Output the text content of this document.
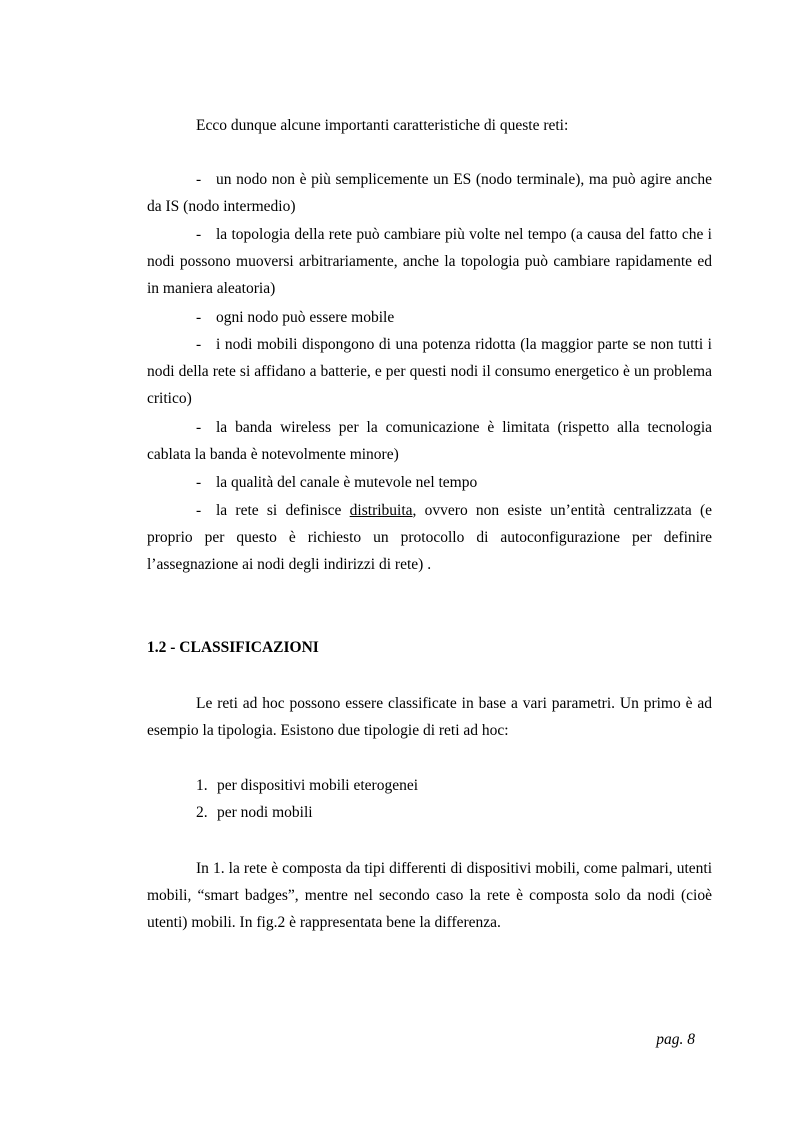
Ecco dunque alcune importanti caratteristiche di queste reti:

- un nodo non è più semplicemente un ES (nodo terminale), ma può agire anche da IS (nodo intermedio)

- la topologia della rete può cambiare più volte nel tempo (a causa del fatto che i nodi possono muoversi arbitrariamente, anche la topologia può cambiare rapidamente ed in maniera aleatoria)

- ogni nodo può essere mobile

- i nodi mobili dispongono di una potenza ridotta (la maggior parte se non tutti i nodi della rete si affidano a batterie, e per questi nodi il consumo energetico è un problema critico)

- la banda wireless per la comunicazione è limitata (rispetto alla tecnologia cablata la banda è notevolmente minore)

- la qualità del canale è mutevole nel tempo

- la rete si definisce distribuita, ovvero non esiste un’entità centralizzata (e proprio per questo è richiesto un protocollo di autoconfigurazione per definire l’assegnazione ai nodi degli indirizzi di rete) .

1.2 - CLASSIFICAZIONI

Le reti ad hoc possono essere classificate in base a vari parametri. Un primo è ad esempio la tipologia. Esistono due tipologie di reti ad hoc:

1. per dispositivi mobili eterogenei

2. per nodi mobili

In 1. la rete è composta da tipi differenti di dispositivi mobili, come palmari, utenti mobili, “smart badges”, mentre nel secondo caso la rete è composta solo da nodi (cioè utenti) mobili. In fig.2 è rappresentata bene la differenza.

pag. 8
